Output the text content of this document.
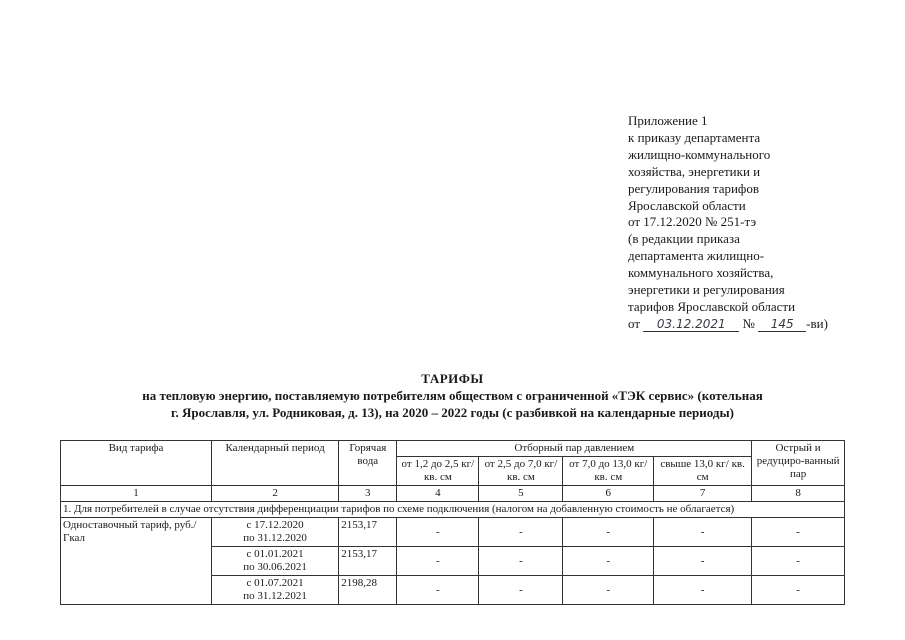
Приложение 1
к приказу департамента
жилищно-коммунального
хозяйства, энергетики и
регулирования тарифов
Ярославской области
от 17.12.2020 № 251-тэ
(в редакции приказа
департамента жилищно-
коммунального хозяйства,
энергетики и регулирования
тарифов Ярославской области
от 03.12.2021 № 145 -ви)
ТАРИФЫ
на тепловую энергию, поставляемую потребителям обществом с ограниченной «ТЭК сервис» (котельная
г. Ярославля, ул. Родниковая, д. 13), на 2020 – 2022 годы (с разбивкой на календарные периоды)
Вид тарифа	Календарный период	Горячая вода	Отборный пар давлением				Острый и редуциро-ванный пар
			от 1,2 до 2,5 кг/ кв. см	от 2,5 до 7,0 кг/ кв. см	от 7,0 до 13,0 кг/ кв. см	свыше 13,0 кг/ кв. см	
1	2	3	4	5	6	7	8
1. Для потребителей в случае отсутствия дифференциации тарифов по схеме подключения (налогом на добавленную стоимость не облагается)							
Одноставочный тариф, руб./Гкал	с 17.12.2020
по 31.12.2020	2153,17	-	-	-	-	-

	с 01.01.2021
по 30.06.2021	2153,17	-	-	-	-	-

	с 01.07.2021
по 31.12.2021	2198,28	-	-	-	-	-
